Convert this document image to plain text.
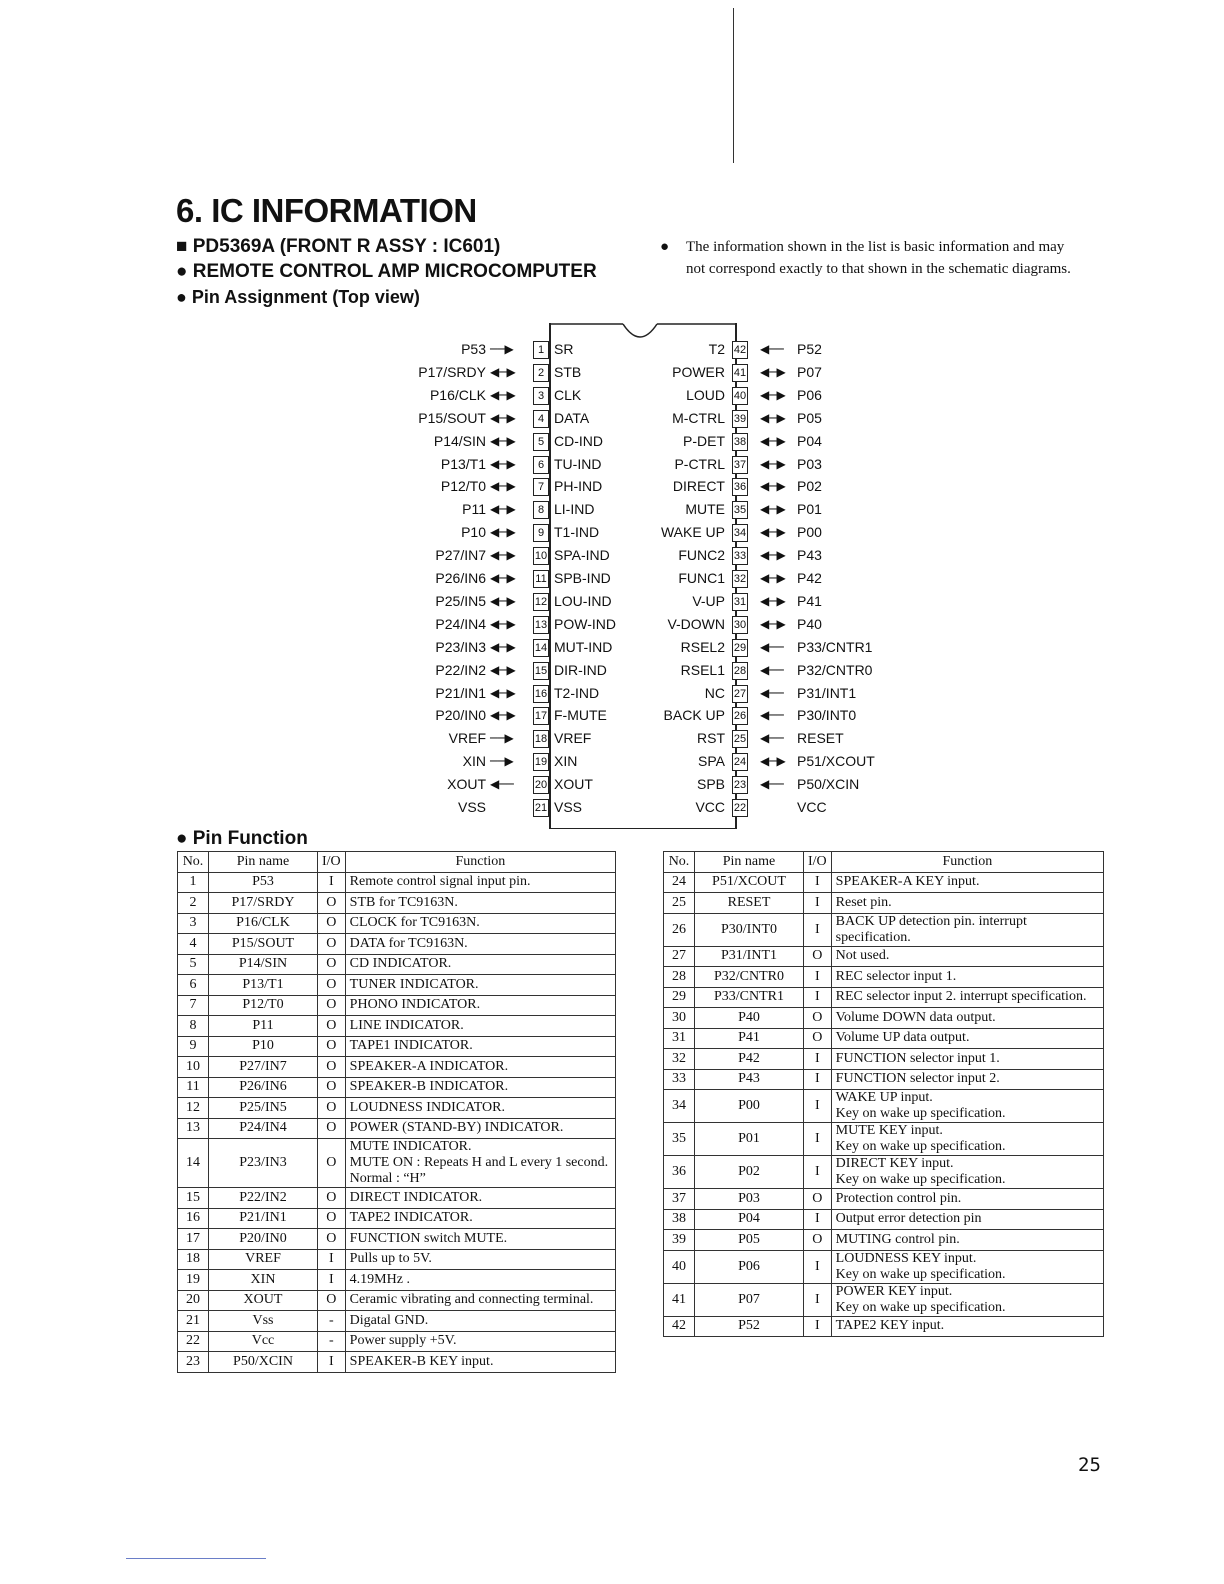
6. IC INFORMATION
■ PD5369A (FRONT R ASSY : IC601)
● REMOTE CONTROL AMP MICROCOMPUTER
● Pin Assignment (Top view)
● The information shown in the list is basic information and may not correspond exactly to that shown in the schematic diagrams.
P53 ──▶	1 SR
P17/SRDY ◀─▶	2 STB
P16/CLK ◀─▶	3 CLK
P15/SOUT ◀─▶	4 DATA
P14/SIN ◀─▶	5 CD-IND
P13/T1 ◀─▶	6 TU-IND
P12/T0 ◀─▶	7 PH-IND
P11 ◀─▶	8 LI-IND
P10 ◀─▶	9 T1-IND
P27/IN7 ◀─▶ 10 SPA-IND
P26/IN6 ◀─▶ 11 SPB-IND
P25/IN5 ◀─▶ 12 LOU-IND
P24/IN4 ◀─▶ 13 POW-IND
P23/IN3 ◀─▶ 14 MUT-IND
P22/IN2 ◀─▶ 15 DIR-IND
P21/IN1 ◀─▶ 16 T2-IND
P20/IN0 ◀─▶ 17 F-MUTE
VREF ──▶ 18 VREF
XIN ──▶ 19 XIN
XOUT ◀── 20 XOUT
VSS	21 VSS
T2 42 ◀── P52
POWER 41 ◀─▶ P07
LOUD 40 ◀─▶ P06
M-CTRL 39 ◀─▶ P05
P-DET 38 ◀─▶ P04
P-CTRL 37 ◀─▶ P03
DIRECT 36 ◀─▶ P02
MUTE 35 ◀─▶ P01
WAKE UP 34 ◀─▶ P00
FUNC2 33 ◀─▶ P43
FUNC1 32 ◀─▶ P42
V-UP 31 ◀─▶ P41
V-DOWN 30 ◀─▶ P40
RSEL2 29 ◀── P33/CNTR1
RSEL1 28 ◀── P32/CNTR0
NC 27 ◀── P31/INT1
BACK UP 26 ◀── P30/INT0
RST 25 ◀── RESET
SPA 24 ◀─▶ P51/XCOUT
SPB 23 ◀── P50/XCIN
VCC 22	VCC
● Pin Function
No.	Pin name	I/O	Function
1	P53	I	Remote control signal input pin.
2	P17/SRDY	O	STB for TC9163N.
3	P16/CLK	O	CLOCK for TC9163N.
4	P15/SOUT	O	DATA for TC9163N.
5	P14/SIN	O	CD INDICATOR.
6	P13/T1	O	TUNER INDICATOR.
7	P12/T0	O	PHONO INDICATOR.
8	P11	O	LINE INDICATOR.
9	P10	O	TAPE1 INDICATOR.
10	P27/IN7	O	SPEAKER-A INDICATOR.
11	P26/IN6	O	SPEAKER-B INDICATOR.
12	P25/IN5	O	LOUDNESS INDICATOR.
13	P24/IN4	O	POWER (STAND-BY) INDICATOR.
14	P23/IN3	O	MUTE INDICATOR.
MUTE ON : Repeats H and L every 1 second.
Normal : “H”
15	P22/IN2	O	DIRECT INDICATOR.
16	P21/IN1	O	TAPE2 INDICATOR.
17	P20/IN0	O	FUNCTION switch MUTE.
18	VREF	I	Pulls up to 5V.
19	XIN	I	4.19MHz .
20	XOUT	O	Ceramic vibrating and connecting terminal.
21	Vss	-	Digatal GND.
22	Vcc	-	Power supply +5V.
23	P50/XCIN	I	SPEAKER-B KEY input.
No.	Pin name	I/O	Function
24	P51/XCOUT	I	SPEAKER-A KEY input.
25	RESET	I	Reset pin.
26	P30/INT0	I	BACK UP detection pin. interrupt specification.
27	P31/INT1	O	Not used.
28	P32/CNTR0	I	REC selector input 1.
29	P33/CNTR1	I	REC selector input 2. interrupt specification.
30	P40	O	Volume DOWN data output.
31	P41	O	Volume UP data output.
32	P42	I	FUNCTION selector input 1.
33	P43	I	FUNCTION selector input 2.
34	P00	I	WAKE UP input.
Key on wake up specification.
35	P01	I	MUTE KEY input.
Key on wake up specification.
36	P02	I	DIRECT KEY input.
Key on wake up specification.
37	P03	O	Protection control pin.
38	P04	I	Output error detection pin
39	P05	O	MUTING control pin.
40	P06	I	LOUDNESS KEY input.
Key on wake up specification.
41	P07	I	POWER KEY input.
Key on wake up specification.
42	P52	I	TAPE2 KEY input.
25
